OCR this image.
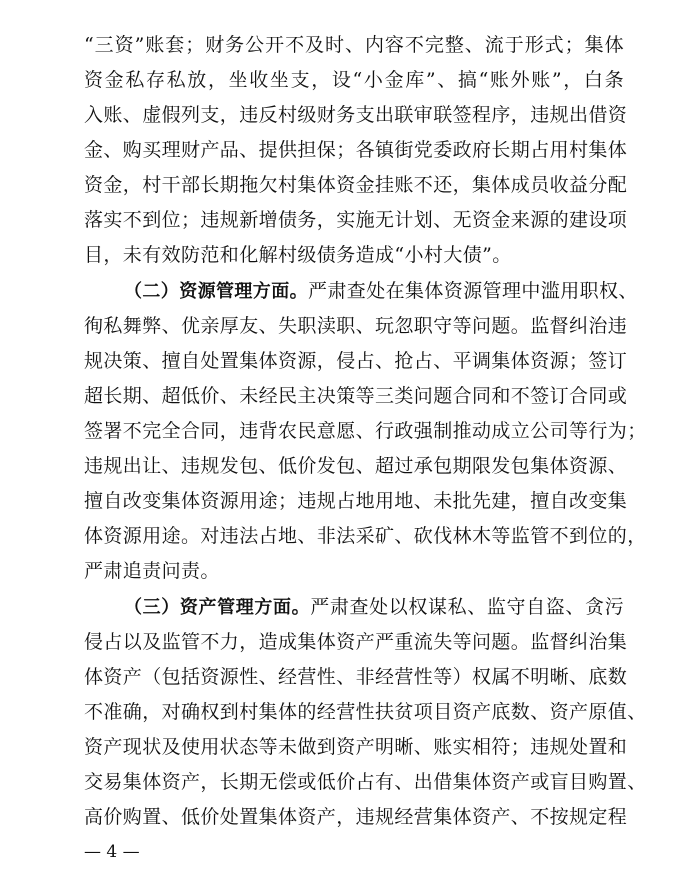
“三资”账套；财务公开不及时、内容不完整、流于形式；集体
资金私存私放，坐收坐支，设“小金库”、搞“账外账”，白条
入账、虚假列支，违反村级财务支出联审联签程序，违规出借资
金、购买理财产品、提供担保；各镇街党委政府长期占用村集体
资金，村干部长期拖欠村集体资金挂账不还，集体成员收益分配
落实不到位；违规新增债务，实施无计划、无资金来源的建设项
目，未有效防范和化解村级债务造成“小村大债”。
（二）资源管理方面。严肃查处在集体资源管理中滥用职权、
徇私舞弊、优亲厚友、失职渎职、玩忽职守等问题。监督纠治违
规决策、擅自处置集体资源，侵占、抢占、平调集体资源；签订
超长期、超低价、未经民主决策等三类问题合同和不签订合同或
签署不完全合同，违背农民意愿、行政强制推动成立公司等行为；
违规出让、违规发包、低价发包、超过承包期限发包集体资源、
擅自改变集体资源用途；违规占地用地、未批先建，擅自改变集
体资源用途。对违法占地、非法采矿、砍伐林木等监管不到位的，
严肃追责问责。
（三）资产管理方面。严肃查处以权谋私、监守自盗、贪污
侵占以及监管不力，造成集体资产严重流失等问题。监督纠治集
体资产（包括资源性、经营性、非经营性等）权属不明晰、底数
不准确，对确权到村集体的经营性扶贫项目资产底数、资产原值、
资产现状及使用状态等未做到资产明晰、账实相符；违规处置和
交易集体资产，长期无偿或低价占有、出借集体资产或盲目购置、
高价购置、低价处置集体资产，违规经营集体资产、不按规定程
— 4 —
